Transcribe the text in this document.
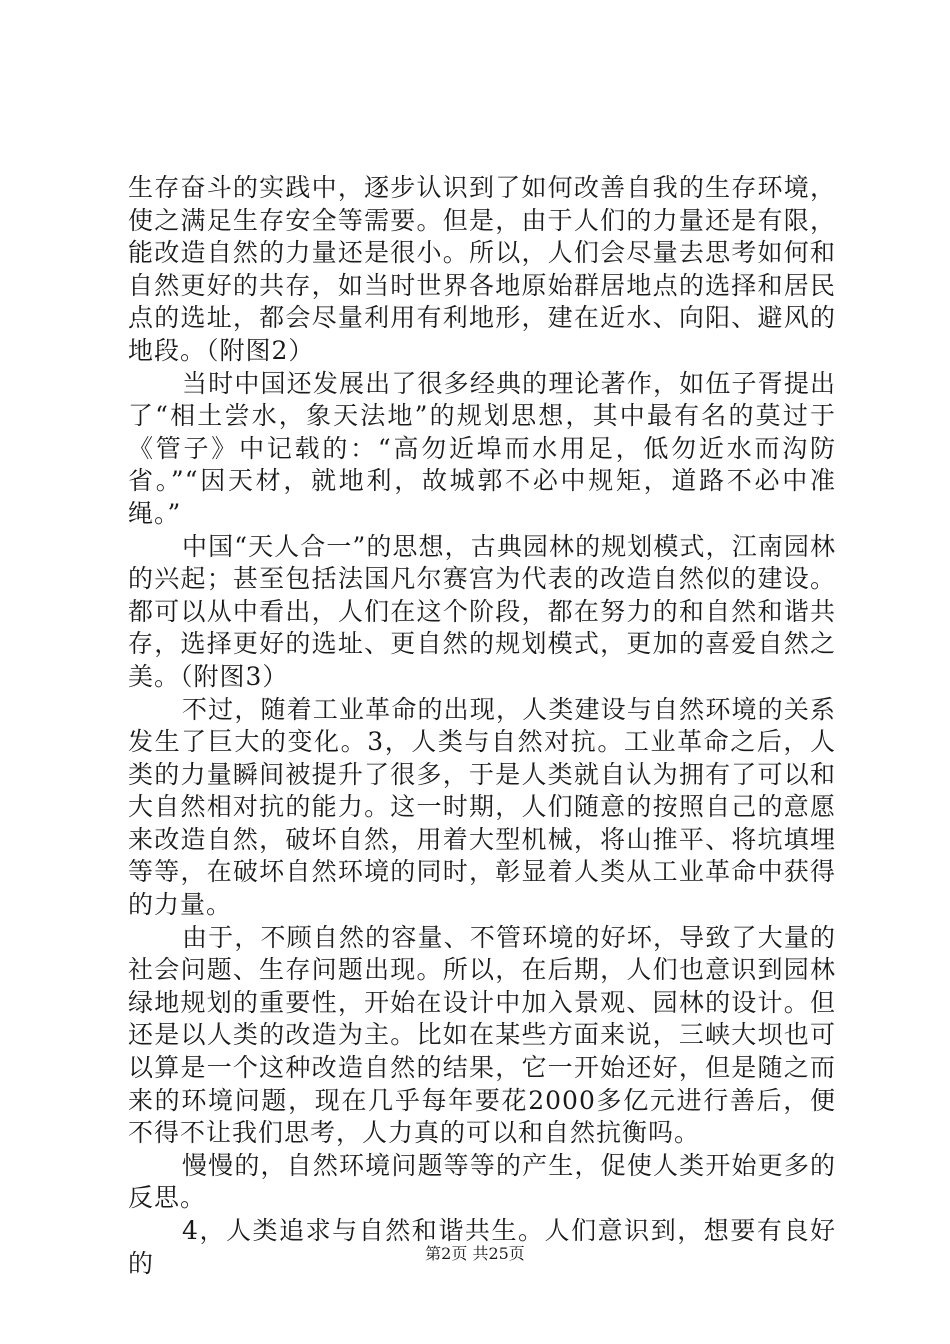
生存奋斗的实践中，逐步认识到了如何改善自我的生存环境，使之满足生存安全等需要。但是，由于人们的力量还是有限，能改造自然的力量还是很小。所以，人们会尽量去思考如何和自然更好的共存，如当时世界各地原始群居地点的选择和居民点的选址，都会尽量利用有利地形，建在近水、向阳、避风的地段。（附图2）

当时中国还发展出了很多经典的理论著作，如伍子胥提出了“相土尝水，象天法地”的规划思想，其中最有名的莫过于《管子》中记载的：“高勿近埠而水用足，低勿近水而沟防省。”“因天材，就地利，故城郭不必中规矩，道路不必中准绳。”

中国“天人合一”的思想，古典园林的规划模式，江南园林的兴起；甚至包括法国凡尔赛宫为代表的改造自然似的建设。都可以从中看出，人们在这个阶段，都在努力的和自然和谐共存，选择更好的选址、更自然的规划模式，更加的喜爱自然之美。（附图3）

不过，随着工业革命的出现，人类建设与自然环境的关系发生了巨大的变化。3，人类与自然对抗。工业革命之后，人类的力量瞬间被提升了很多，于是人类就自认为拥有了可以和大自然相对抗的能力。这一时期，人们随意的按照自己的意愿来改造自然，破坏自然，用着大型机械，将山推平、将坑填埋等等，在破坏自然环境的同时，彰显着人类从工业革命中获得的力量。

由于，不顾自然的容量、不管环境的好坏，导致了大量的社会问题、生存问题出现。所以，在后期，人们也意识到园林绿地规划的重要性，开始在设计中加入景观、园林的设计。但还是以人类的改造为主。比如在某些方面来说，三峡大坝也可以算是一个这种改造自然的结果，它一开始还好，但是随之而来的环境问题，现在几乎每年要花2000多亿元进行善后，便不得不让我们思考，人力真的可以和自然抗衡吗。

慢慢的，自然环境问题等等的产生，促使人类开始更多的反思。

4，人类追求与自然和谐共生。人们意识到，想要有良好的	第2页 共25页
